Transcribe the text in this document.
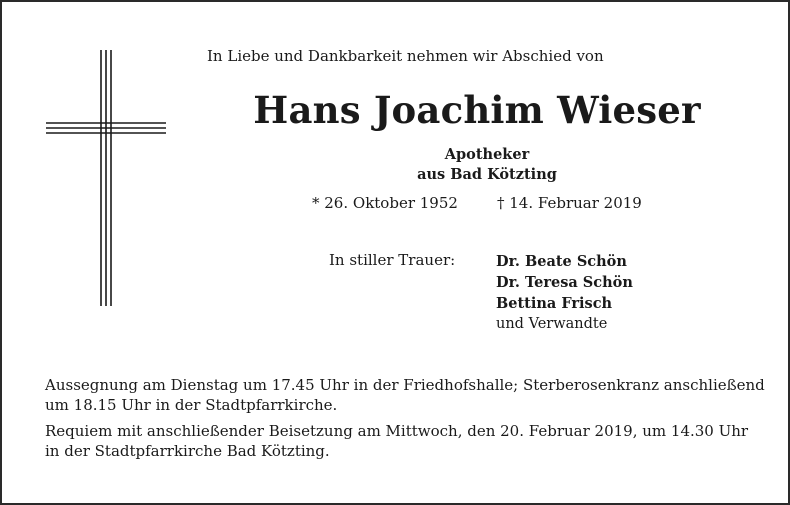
In Liebe und Dankbarkeit nehmen wir Abschied von
Hans Joachim Wieser
Apotheker
aus Bad Kötzting
* 26. Oktober 1952	† 14. Februar 2019
In stiller Trauer:	Dr. Beate Schön
Dr. Teresa Schön
Bettina Frisch
und Verwandte

Aussegnung am Dienstag um 17.45 Uhr in der Friedhofshalle; Sterberosenkranz anschließend um 18.15 Uhr in der Stadtpfarrkirche.

Requiem mit anschließender Beisetzung am Mittwoch, den 20. Februar 2019, um 14.30 Uhr in der Stadtpfarrkirche Bad Kötzting.
